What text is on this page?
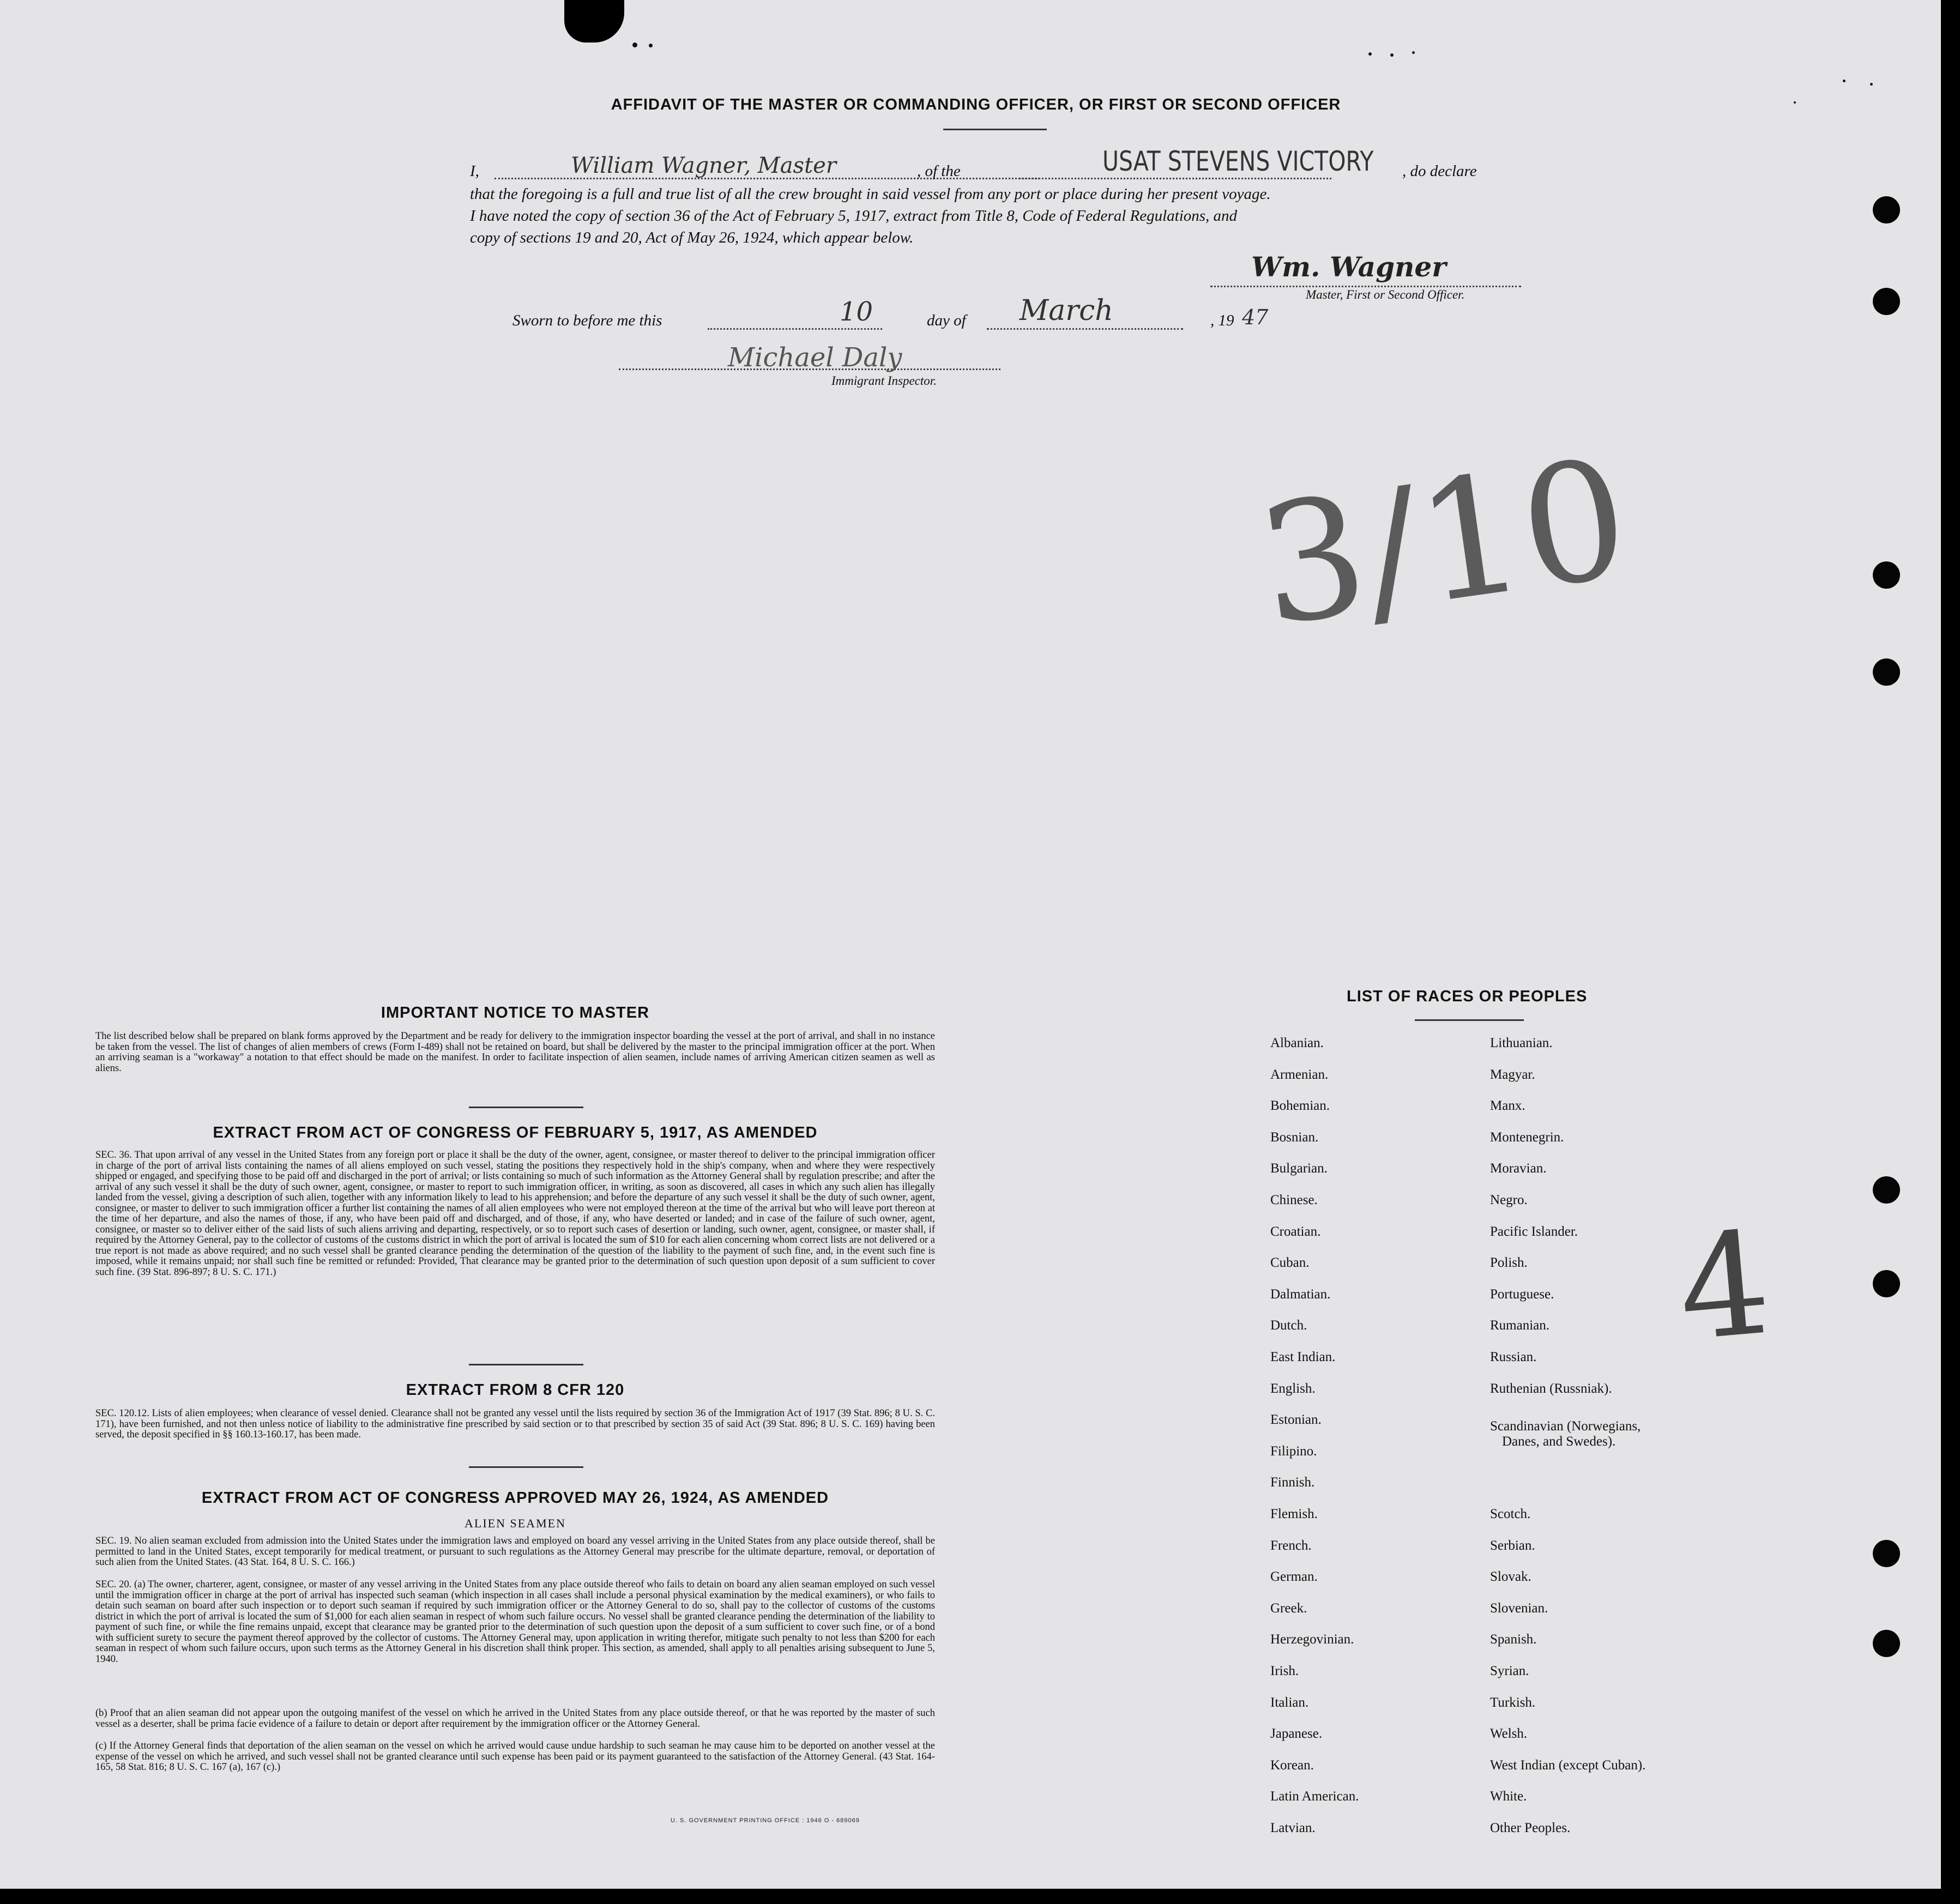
AFFIDAVIT OF THE MASTER OR COMMANDING OFFICER, OR FIRST OR SECOND OFFICER
I,	William Wagner, Master	, of the	USAT STEVENS VICTORY , do declare
that the foregoing is a full and true list of all the crew brought in said vessel from any port or place during her present voyage.
I have noted the copy of section 36 of the Act of February 5, 1917, extract from Title 8, Code of Federal Regulations, and
copy of sections 19 and 20, Act of May 26, 1924, which appear below.
Wm. Wagner
Master, First or Second Officer.
Sworn to before me this	10	day of March	, 19 47
Michael Daly
Immigrant Inspector.
3/10
4
IMPORTANT NOTICE TO MASTER
The list described below shall be prepared on blank forms approved by the Department and be ready for delivery to the immigration inspector boarding the vessel at the port of arrival, and shall in no instance be taken from the vessel. The list of changes of alien members of crews (Form I-489) shall not be retained on board, but shall be delivered by the master to the principal immigration officer at the port. When an arriving seaman is a "workaway" a notation to that effect should be made on the manifest. In order to facilitate inspection of alien seamen, include names of arriving American citizen seamen as well as aliens.
EXTRACT FROM ACT OF CONGRESS OF FEBRUARY 5, 1917, AS AMENDED
SEC. 36. That upon arrival of any vessel in the United States from any foreign port or place it shall be the duty of the owner, agent, consignee, or master thereof to deliver to the principal immigration officer in charge of the port of arrival lists containing the names of all aliens employed on such vessel, stating the positions they respectively hold in the ship's company, when and where they were respectively shipped or engaged, and specifying those to be paid off and discharged in the port of arrival; or lists containing so much of such information as the Attorney General shall by regulation prescribe; and after the arrival of any such vessel it shall be the duty of such owner, agent, consignee, or master to report to such immigration officer, in writing, as soon as discovered, all cases in which any such alien has illegally landed from the vessel, giving a description of such alien, together with any information likely to lead to his apprehension; and before the departure of any such vessel it shall be the duty of such owner, agent, consignee, or master to deliver to such immigration officer a further list containing the names of all alien employees who were not employed thereon at the time of the arrival but who will leave port thereon at the time of her departure, and also the names of those, if any, who have been paid off and discharged, and of those, if any, who have deserted or landed; and in case of the failure of such owner, agent, consignee, or master so to deliver either of the said lists of such aliens arriving and departing, respectively, or so to report such cases of desertion or landing, such owner, agent, consignee, or master shall, if required by the Attorney General, pay to the collector of customs of the customs district in which the port of arrival is located the sum of $10 for each alien concerning whom correct lists are not delivered or a true report is not made as above required; and no such vessel shall be granted clearance pending the determination of the question of the liability to the payment of such fine, and, in the event such fine is imposed, while it remains unpaid; nor shall such fine be remitted or refunded: Provided, That clearance may be granted prior to the determination of such question upon deposit of a sum sufficient to cover such fine. (39 Stat. 896-897; 8 U. S. C. 171.)
EXTRACT FROM 8 CFR 120
SEC. 120.12. Lists of alien employees; when clearance of vessel denied. Clearance shall not be granted any vessel until the lists required by section 36 of the Immigration Act of 1917 (39 Stat. 896; 8 U. S. C. 171), have been furnished, and not then unless notice of liability to the administrative fine prescribed by said section or to that prescribed by section 35 of said Act (39 Stat. 896; 8 U. S. C. 169) having been served, the deposit specified in §§ 160.13-160.17, has been made.
EXTRACT FROM ACT OF CONGRESS APPROVED MAY 26, 1924, AS AMENDED
ALIEN SEAMEN
SEC. 19. No alien seaman excluded from admission into the United States under the immigration laws and employed on board any vessel arriving in the United States from any place outside thereof, shall be permitted to land in the United States, except temporarily for medical treatment, or pursuant to such regulations as the Attorney General may prescribe for the ultimate departure, removal, or deportation of such alien from the United States. (43 Stat. 164, 8 U. S. C. 166.)
SEC. 20. (a) The owner, charterer, agent, consignee, or master of any vessel arriving in the United States from any place outside thereof who fails to detain on board any alien seaman employed on such vessel until the immigration officer in charge at the port of arrival has inspected such seaman (which inspection in all cases shall include a personal physical examination by the medical examiners), or who fails to detain such seaman on board after such inspection or to deport such seaman if required by such immigration officer or the Attorney General to do so, shall pay to the collector of customs of the customs district in which the port of arrival is located the sum of $1,000 for each alien seaman in respect of whom such failure occurs. No vessel shall be granted clearance pending the determination of the liability to payment of such fine, or while the fine remains unpaid, except that clearance may be granted prior to the determination of such question upon the deposit of a sum sufficient to cover such fine, or of a bond with sufficient surety to secure the payment thereof approved by the collector of customs. The Attorney General may, upon application in writing therefor, mitigate such penalty to not less than $200 for each seaman in respect of whom such failure occurs, upon such terms as the Attorney General in his discretion shall think proper. This section, as amended, shall apply to all penalties arising subsequent to June 5, 1940.
(b) Proof that an alien seaman did not appear upon the outgoing manifest of the vessel on which he arrived in the United States from any place outside thereof, or that he was reported by the master of such vessel as a deserter, shall be prima facie evidence of a failure to detain or deport after requirement by the immigration officer or the Attorney General.
(c) If the Attorney General finds that deportation of the alien seaman on the vessel on which he arrived would cause undue hardship to such seaman he may cause him to be deported on another vessel at the expense of the vessel on which he arrived, and such vessel shall not be granted clearance until such expense has been paid or its payment guaranteed to the satisfaction of the Attorney General. (43 Stat. 164-165, 58 Stat. 816; 8 U. S. C. 167 (a), 167 (c).)
U. S. GOVERNMENT PRINTING OFFICE : 1946 O - 689069
LIST OF RACES OR PEOPLES
Albanian.
Armenian.
Bohemian.
Bosnian.
Bulgarian.
Chinese.
Croatian.
Cuban.
Dalmatian.
Dutch.
East Indian.
English.
Estonian.
Filipino.
Finnish.
Flemish.
French.
German.
Greek.
Herzegovinian.
Irish.
Italian.
Japanese.
Korean.
Latin American.
Latvian.
Lithuanian.
Magyar.
Manx.
Montenegrin.
Moravian.
Negro.
Pacific Islander.
Polish.
Portuguese.
Rumanian.
Russian.
Ruthenian (Russniak).
Scandinavian (Norwegians,
Danes, and Swedes).
Scotch.
Serbian.
Slovak.
Slovenian.
Spanish.
Syrian.
Turkish.
Welsh.
West Indian (except Cuban).
White.
Other Peoples.
